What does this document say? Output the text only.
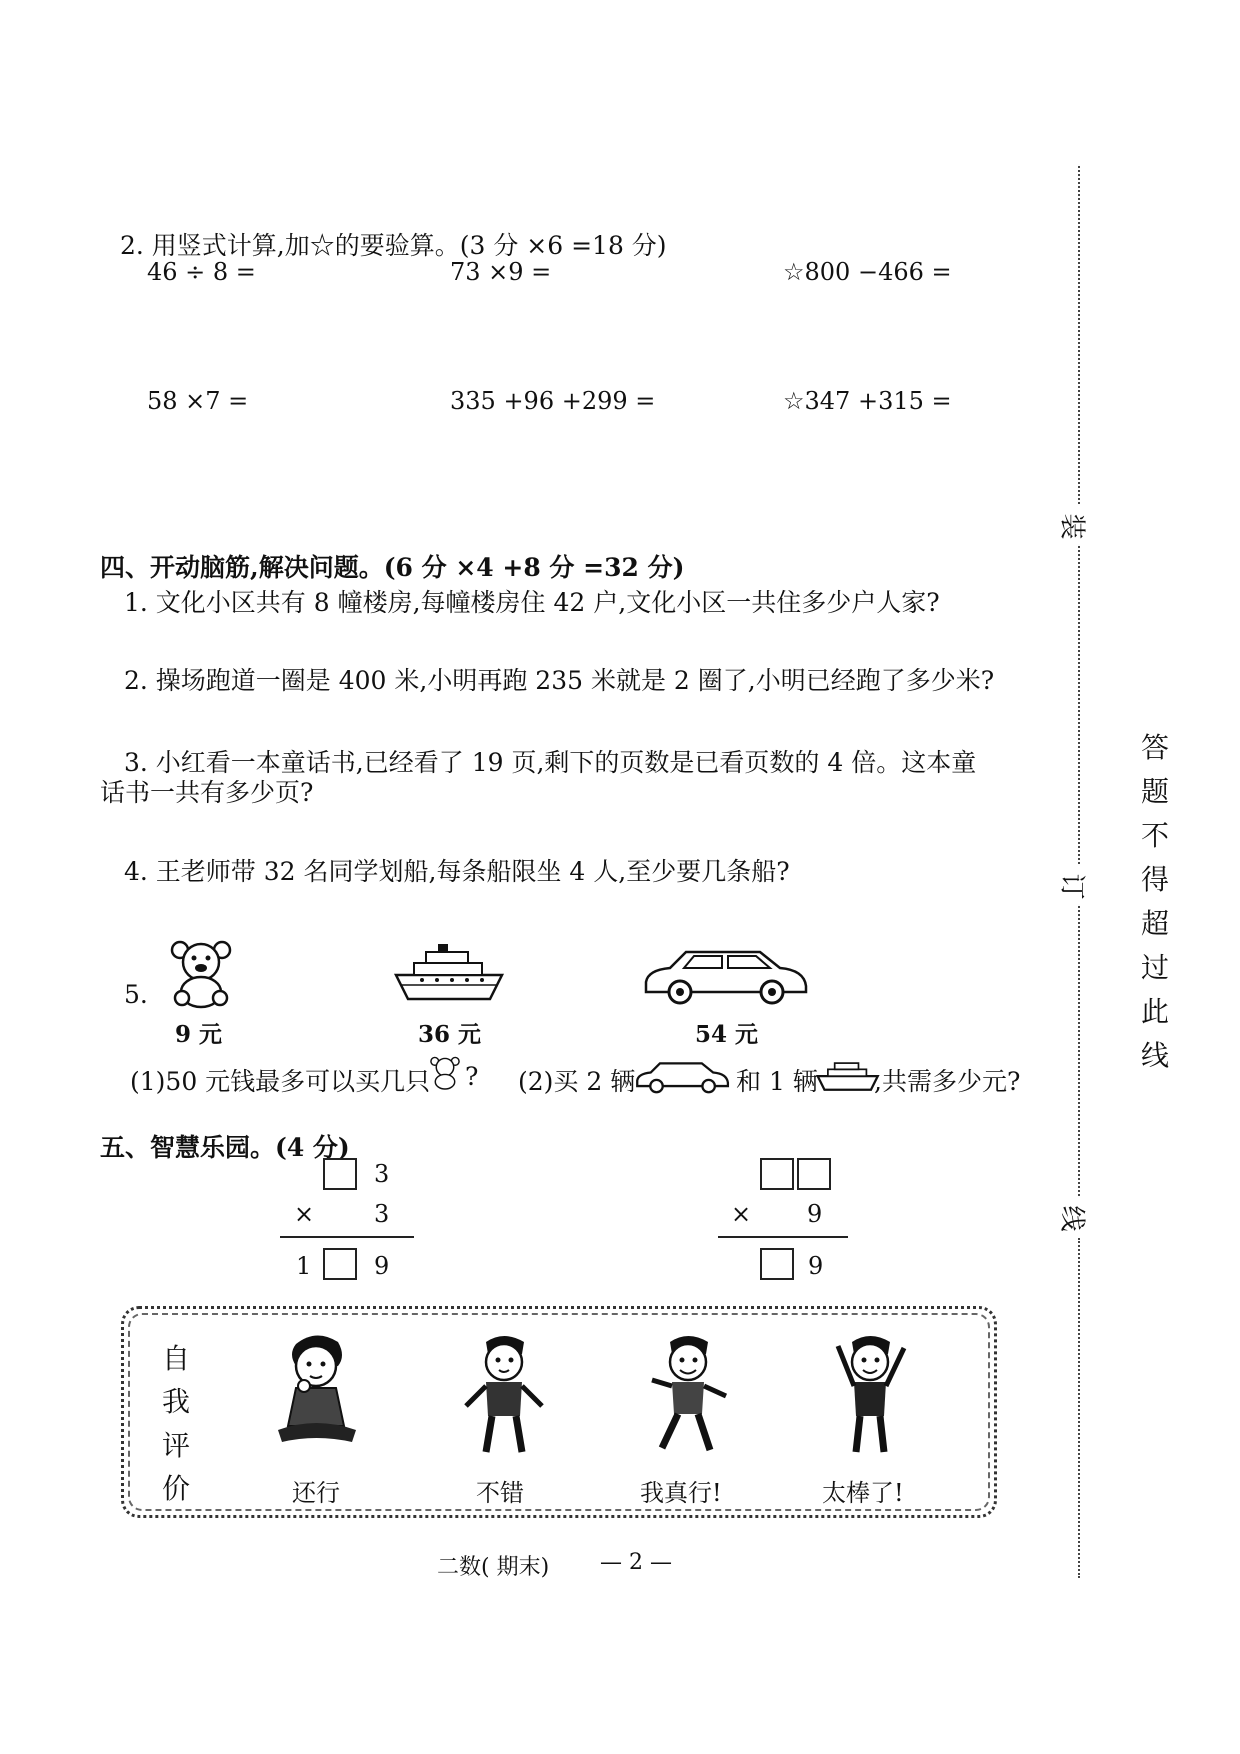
2. 用竖式计算,加☆的要验算。(3 分 ×6 =18 分)
46 ÷ 8 =	73 ×9 =	☆800 −466 =
58 ×7 =	335 +96 +299 =	☆347 +315 =
四、开动脑筋,解决问题。(6 分 ×4 +8 分 =32 分)
1. 文化小区共有 8 幢楼房,每幢楼房住 42 户,文化小区一共住多少户人家?
2. 操场跑道一圈是 400 米,小明再跑 235 米就是 2 圈了,小明已经跑了多少米?
3. 小红看一本童话书,已经看了 19 页,剩下的页数是已看页数的 4 倍。这本童
话书一共有多少页?
4. 王老师带 32 名同学划船,每条船限坐 4 人,至少要几条船?
5.
9 元	36 元	54 元
(1)50 元钱最多可以买几只 ? (2)买 2 辆	和 1 辆 ,共需多少元?
五、智慧乐园。(4 分)
3
× 3
1	9
× 9
9
自
我
评
价	还行	不错	我真行!	太棒了!
二数( 期末) — 2 —
装
订
线
答
题
不
得
超
过
此
线
